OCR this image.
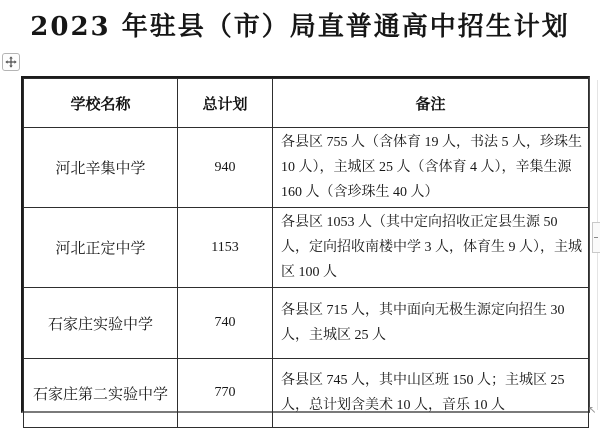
2023 年驻县（市）局直普通高中招生计划
学校名称	总计划	备注
河北辛集中学	940	各县区 755 人（含体育 19 人，书法 5 人，珍珠生 10 人），主城区 25 人（含体育 4 人），辛集生源 160 人（含珍珠生 40 人）
河北正定中学	1153	各县区 1053 人（其中定向招收正定县生源 50 人，定向招收南楼中学 3 人，体育生 9 人），主城区 100 人
石家庄实验中学	740	各县区 715 人，其中面向无极生源定向招生 30 人，主城区 25 人
石家庄第二实验中学	770	各县区 745 人，其中山区班 150 人；主城区 25 人，总计划含美术 10 人，音乐 10 人	↖
